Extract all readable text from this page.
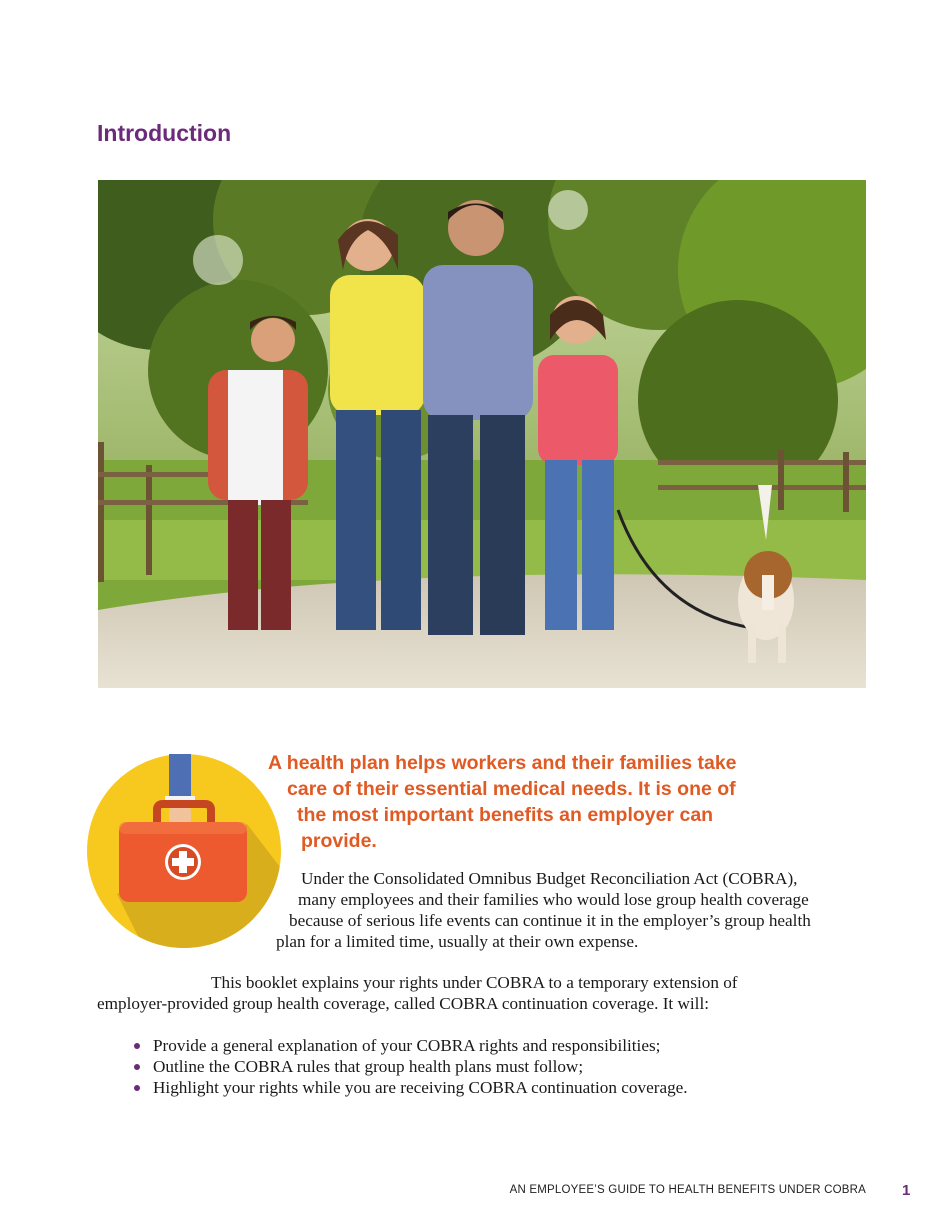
Introduction
A health plan helps workers and their families take
care of their essential medical needs. It is one of
the most important benefits an employer can
provide.

Under the Consolidated Omnibus Budget Reconciliation Act (COBRA),
many employees and their families who would lose group health coverage
because of serious life events can continue it in the employer’s group health
plan for a limited time, usually at their own expense.

This booklet explains your rights under COBRA to a temporary extension of
employer-provided group health coverage, called COBRA continuation coverage. It will:

Provide a general explanation of your COBRA rights and responsibilities;
Outline the COBRA rules that group health plans must follow;
Highlight your rights while you are receiving COBRA continuation coverage.
AN EMPLOYEE’S GUIDE TO HEALTH BENEFITS UNDER COBRA 1
